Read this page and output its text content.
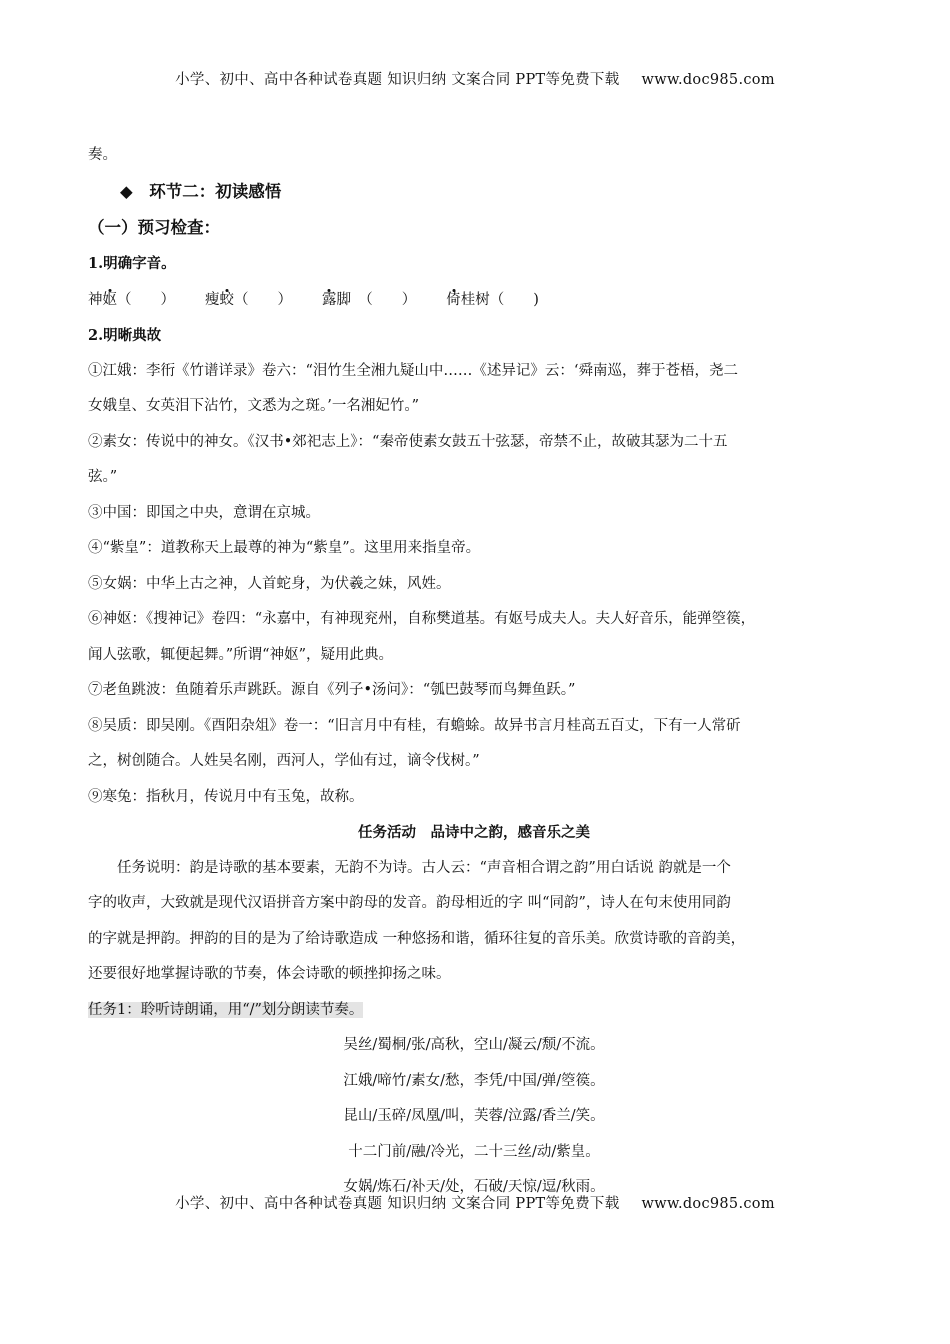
小学、初中、高中各种试卷真题 知识归纳 文案合同 PPT等免费下载 www.doc985.com
奏。
◆　环节二：初读感悟
（一）预习检查：
1.明确字音。
神妪（　　） 瘦蛟（　　） 露脚　 （　　） 倚桂树（　　)
2.明晰典故
①江娥：李衎《竹谱详录》卷六：“泪竹生全湘九疑山中……《述异记》云：‘舜南巡，葬于苍梧，尧二
女娥皇、女英泪下沾竹，文悉为之斑。’一名湘妃竹。”
②素女：传说中的神女。《汉书•郊祀志上》：“秦帝使素女鼓五十弦瑟，帝禁不止，故破其瑟为二十五
弦。”
③中国：即国之中央，意谓在京城。
④“紫皇”：道教称天上最尊的神为“紫皇”。这里用来指皇帝。
⑤女娲：中华上古之神，人首蛇身，为伏羲之妹，风姓。
⑥神妪：《搜神记》卷四：“永嘉中，有神现兖州，自称樊道基。有妪号成夫人。夫人好音乐，能弹箜篌，
闻人弦歌，辄便起舞。”所谓“神妪”，疑用此典。
⑦老鱼跳波：鱼随着乐声跳跃。源自《列子•汤问》：“瓠巴鼓琴而鸟舞鱼跃。”
⑧吴质：即吴刚。《酉阳杂俎》卷一：“旧言月中有桂，有蟾蜍。故异书言月桂高五百丈，下有一人常斫
之，树创随合。人姓吴名刚，西河人，学仙有过，谪令伐树。”
⑨寒兔：指秋月，传说月中有玉兔，故称。
任务活动　品诗中之韵，感音乐之美
任务说明：韵是诗歌的基本要素，无韵不为诗。古人云：“声音相合谓之韵”用白话说 韵就是一个
字的收声，大致就是现代汉语拼音方案中韵母的发音。韵母相近的字 叫“同韵”，诗人在句末使用同韵
的字就是押韵。押韵的目的是为了给诗歌造成 一种悠扬和谐，循环往复的音乐美。欣赏诗歌的音韵美，
还要很好地掌握诗歌的节奏，体会诗歌的顿挫抑扬之味。
任务1：聆听诗朗诵，用“/”划分朗读节奏。
吴丝/蜀桐/张/高秋，空山/凝云/颓/不流。
江娥/啼竹/素女/愁，李凭/中国/弹/箜篌。
昆山/玉碎/凤凰/叫，芙蓉/泣露/香兰/笑。
十二门前/融/冷光，二十三丝/动/紫皇。
女娲/炼石/补天/处，石破/天惊/逗/秋雨。
小学、初中、高中各种试卷真题 知识归纳 文案合同 PPT等免费下载 www.doc985.com
